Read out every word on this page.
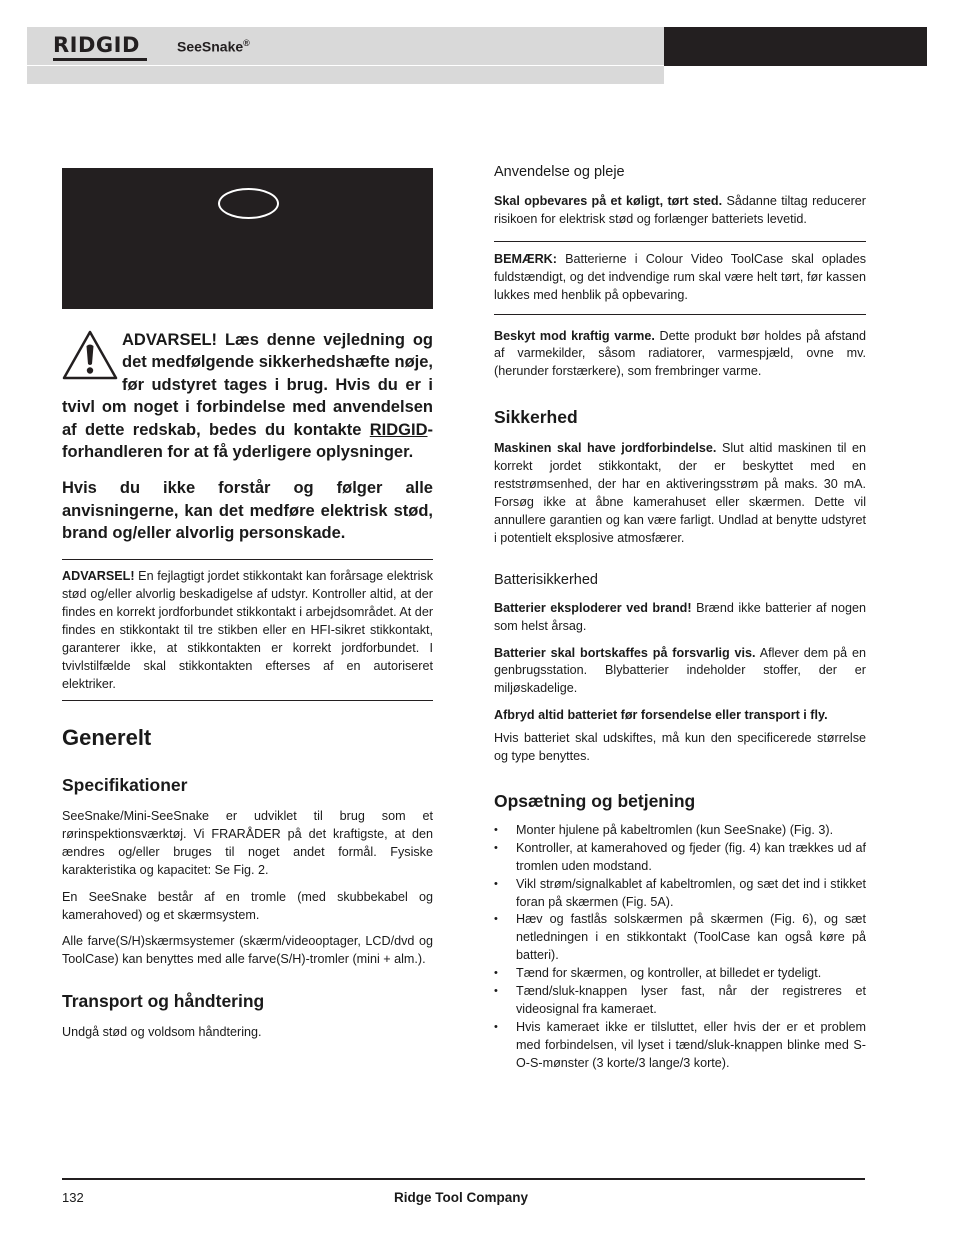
RIDGID	SeeSnake®

ADVARSEL! Læs denne vejledning og det medfølgende sikkerhedshæfte nøje, før udstyret tages i brug. Hvis du er i tvivl om noget i forbindelse med anvendelsen af dette redskab, bedes du kontakte RIDGID-forhandleren for at få yderligere oplysninger.

Hvis du ikke forstår og følger alle anvisningerne, kan det medføre elektrisk stød, brand og/eller alvorlig personskade.

ADVARSEL! En fejlagtigt jordet stikkontakt kan forårsage elektrisk stød og/eller alvorlig beskadigelse af udstyr. Kontroller altid, at der findes en korrekt jordforbundet stikkontakt i arbejdsområdet. At der findes en stikkontakt til tre stikben eller en HFI-sikret stikkontakt, garanterer ikke, at stikkontakten er korrekt jordforbundet. I tvivlstilfælde skal stikkontakten efterses af en autoriseret elektriker.

Generelt
Specifikationer

SeeSnake/Mini-SeeSnake er udviklet til brug som et rørinspektionsværktøj. Vi FRARÅDER på det kraftigste, at den ændres og/eller bruges til noget andet formål. Fysiske karakteristika og kapacitet: Se Fig. 2.

En SeeSnake består af en tromle (med skubbekabel og kamerahoved) og et skærmsystem.

Alle farve(S/H)skærmsystemer (skærm/videooptager, LCD/dvd og ToolCase) kan benyttes med alle farve(S/H)-tromler (mini + alm.).

Transport og håndtering

Undgå stød og voldsom håndtering.

Anvendelse og pleje

Skal opbevares på et køligt, tørt sted. Sådanne tiltag reducerer risikoen for elektrisk stød og forlænger batteriets levetid.

BEMÆRK: Batterierne i Colour Video ToolCase skal oplades fuldstændigt, og det indvendige rum skal være helt tørt, før kassen lukkes med henblik på opbevaring.

Beskyt mod kraftig varme. Dette produkt bør holdes på afstand af varmekilder, såsom radiatorer, varmespjæld, ovne mv. (herunder forstærkere), som frembringer varme.

Sikkerhed

Maskinen skal have jordforbindelse. Slut altid maskinen til en korrekt jordet stikkontakt, der er beskyttet med en reststrømsenhed, der har en aktiveringsstrøm på maks. 30 mA. Forsøg ikke at åbne kamerahuset eller skærmen. Dette vil annullere garantien og kan være farligt. Undlad at benytte udstyret i potentielt eksplosive atmosfærer.

Batterisikkerhed

Batterier eksploderer ved brand! Brænd ikke batterier af nogen som helst årsag.

Batterier skal bortskaffes på forsvarlig vis. Aflever dem på en genbrugsstation. Blybatterier indeholder stoffer, der er miljøskadelige.

Afbryd altid batteriet før forsendelse eller transport i fly.

Hvis batteriet skal udskiftes, må kun den specificerede størrelse og type benyttes.

Opsætning og betjening
• Monter hjulene på kabeltromlen (kun SeeSnake) (Fig. 3).
• Kontroller, at kamerahoved og fjeder (fig. 4) kan trækkes ud af tromlen uden modstand.
• Vikl strøm/signalkablet af kabeltromlen, og sæt det ind i stikket foran på skærmen (Fig. 5A).
• Hæv og fastlås solskærmen på skærmen (Fig. 6), og sæt netledningen i en stikkontakt (ToolCase kan også køre på batteri).
• Tænd for skærmen, og kontroller, at billedet er tydeligt.
• Tænd/sluk-knappen lyser fast, når der registreres et videosignal fra kameraet.
• Hvis kameraet ikke er tilsluttet, eller hvis der er et problem med forbindelsen, vil lyset i tænd/sluk-knappen blinke med S-O-S-mønster (3 korte/3 lange/3 korte).
132	Ridge Tool Company
